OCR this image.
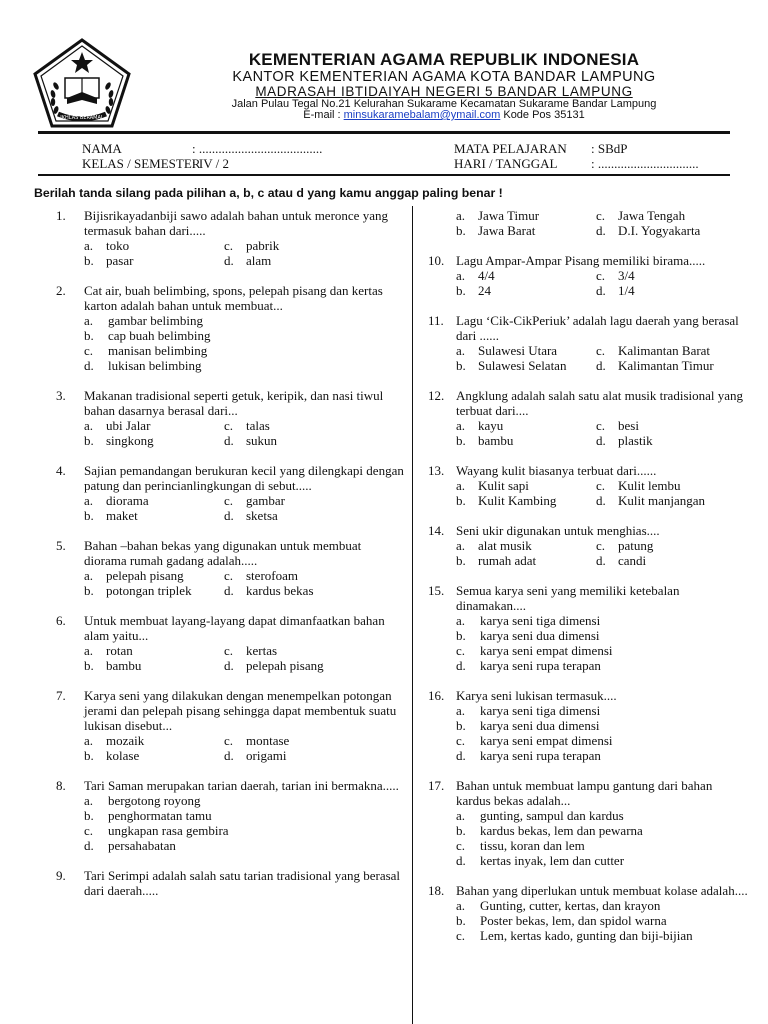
IKHLAS BERAMAL
KEMENTERIAN AGAMA REPUBLIK INDONESIA
KANTOR KEMENTERIAN AGAMA KOTA BANDAR LAMPUNG
MADRASAH IBTIDAIYAH NEGERI 5 BANDAR LAMPUNG
Jalan Pulau Tegal No.21 Kelurahan Sukarame Kecamatan Sukarame Bandar Lampung
E-mail : minsukaramebalam@ymail.com Kode Pos 35131
NAMA	: ......................................
KELAS / SEMESTER: IV / 2
MATA PELAJARAN : SBdP
HARI / TANGGAL	: ...............................
Berilah tanda silang pada pilihan a, b, c atau d yang kamu anggap paling benar !
1. Bijisrikayadanbiji sawo adalah bahan untuk meronce yang termasuk bahan dari.....
a. toko	c. pabrik
b. pasar	d. alam
2. Cat air, buah belimbing, spons, pelepah pisang dan kertas karton adalah bahan untuk membuat...
a. gambar belimbing
b. cap buah belimbing
c. manisan belimbing
d. lukisan belimbing
3. Makanan tradisional seperti getuk, keripik, dan nasi tiwul bahan dasarnya berasal dari...
a. ubi Jalar	c. talas
b. singkong	d. sukun
4. Sajian pemandangan berukuran kecil yang dilengkapi dengan patung dan perincianlingkungan di sebut.....
a. diorama	c. gambar
b. maket	d. sketsa
5. Bahan –bahan bekas yang digunakan untuk membuat diorama rumah gadang adalah.....
a. pelepah pisang	c. sterofoam
b. potongan triplek	d. kardus bekas
6. Untuk membuat layang-layang dapat dimanfaatkan bahan alam yaitu...
a. rotan	c. kertas
b. bambu	d. pelepah pisang
7. Karya seni yang dilakukan dengan menempelkan potongan jerami dan pelepah pisang sehingga dapat membentuk suatu lukisan disebut...
a. mozaik	c. montase
b. kolase	d. origami
8. Tari Saman merupakan tarian daerah, tarian ini bermakna.....
a. bergotong royong
b. penghormatan tamu
c. ungkapan rasa gembira
d. persahabatan
9. Tari Serimpi adalah salah satu tarian tradisional yang berasal dari daerah.....
a. Jawa Timur	c. Jawa Tengah
b. Jawa Barat	d. D.I. Yogyakarta
10. Lagu Ampar-Ampar Pisang memiliki birama.....
a. 4/4	c. 3/4
b. 24	d. 1/4
11. Lagu ‘Cik-CikPeriuk’ adalah lagu daerah yang berasal dari ......
a. Sulawesi Utara	c. Kalimantan Barat
b. Sulawesi Selatan	d. Kalimantan Timur
12. Angklung adalah salah satu alat musik tradisional yang terbuat dari....
a. kayu	c. besi
b. bambu	d. plastik
13. Wayang kulit biasanya terbuat dari......
a. Kulit sapi	c. Kulit lembu
b. Kulit Kambing	d. Kulit manjangan
14. Seni ukir digunakan untuk menghias....
a. alat musik	c. patung
b. rumah adat	d. candi
15. Semua karya seni yang memiliki ketebalan dinamakan....
a. karya seni tiga dimensi
b. karya seni dua dimensi
c. karya seni empat dimensi
d. karya seni rupa terapan
16. Karya seni lukisan termasuk....
a. karya seni tiga dimensi
b. karya seni dua dimensi
c. karya seni empat dimensi
d. karya seni rupa terapan
17. Bahan untuk membuat lampu gantung dari bahan kardus bekas adalah...
a. gunting, sampul dan kardus
b. kardus bekas, lem dan pewarna
c. tissu, koran dan lem
d. kertas inyak, lem dan cutter
18. Bahan yang diperlukan untuk membuat kolase adalah....
a. Gunting, cutter, kertas, dan krayon
b. Poster bekas, lem, dan spidol warna
c. Lem, kertas kado, gunting dan biji-bijian
